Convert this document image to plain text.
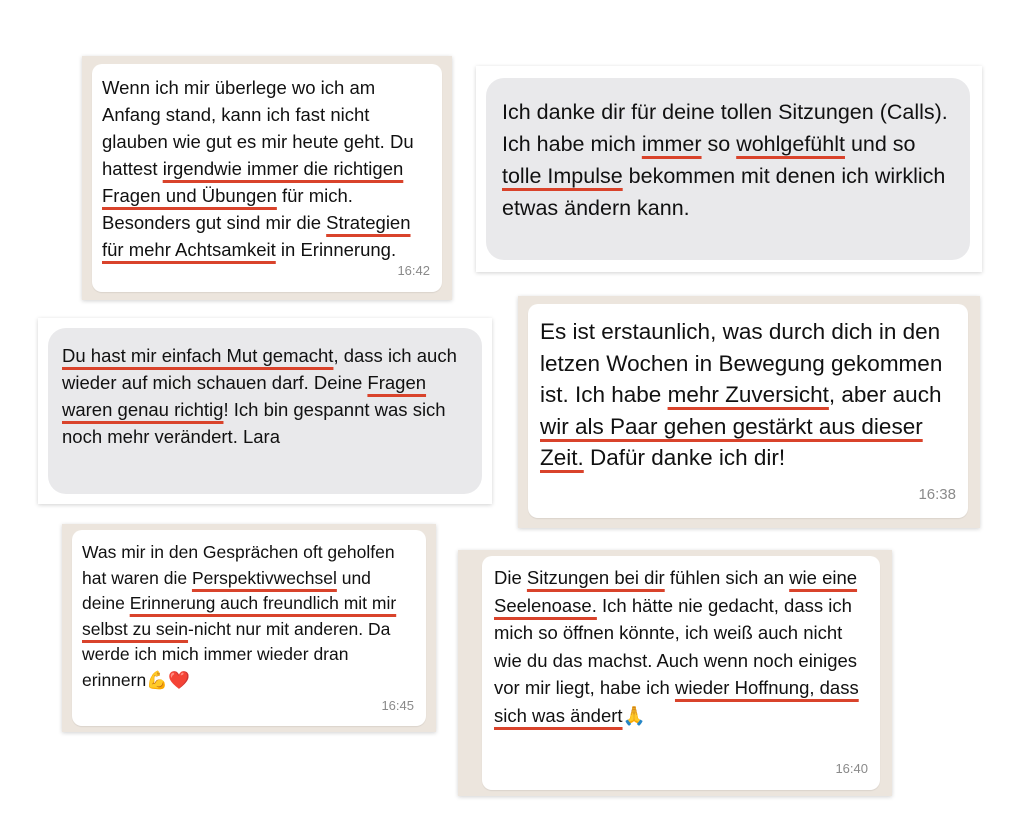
Wenn ich mir überlege wo ich am Anfang stand, kann ich fast nicht glauben wie gut es mir heute geht. Du hattest irgendwie immer die richtigen Fragen und Übungen für mich. Besonders gut sind mir die Strategien für mehr Achtsamkeit in Erinnerung.

16:42

Ich danke dir für deine tollen Sitzungen (Calls). Ich habe mich immer so wohlgefühlt und so tolle Impulse bekommen mit denen ich wirklich etwas ändern kann.

Du hast mir einfach Mut gemacht, dass ich auch wieder auf mich schauen darf. Deine Fragen waren genau richtig! Ich bin gespannt was sich noch mehr verändert. Lara

Es ist erstaunlich, was durch dich in den letzen Wochen in Bewegung gekommen ist. Ich habe mehr Zuversicht, aber auch wir als Paar gehen gestärkt aus dieser Zeit. Dafür danke ich dir!

16:38

Was mir in den Gesprächen oft geholfen hat waren die Perspektivwechsel und deine Erinnerung auch freundlich mit mir selbst zu sein-nicht nur mit anderen. Da werde ich mich immer wieder dran erinnern💪❤️

16:45

Die Sitzungen bei dir fühlen sich an wie eine Seelenoase. Ich hätte nie gedacht, dass ich mich so öffnen könnte, ich weiß auch nicht wie du das machst. Auch wenn noch einiges vor mir liegt, habe ich wieder Hoffnung, dass sich was ändert🙏

16:40
